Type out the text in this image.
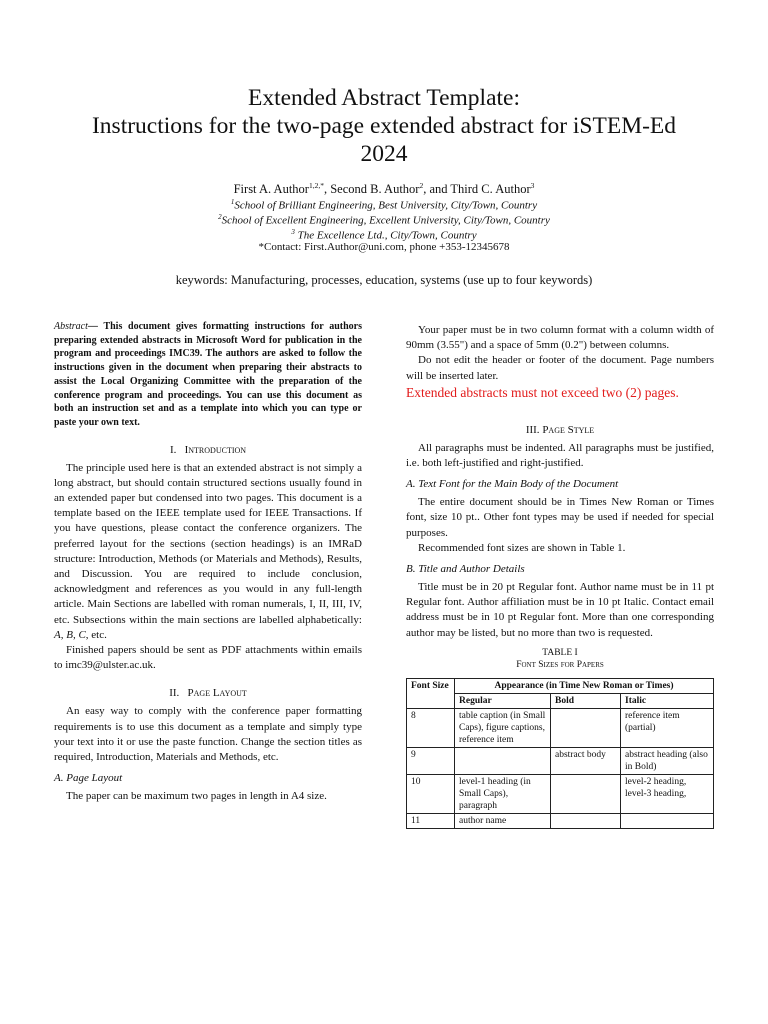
Extended Abstract Template:
Instructions for the two-page extended abstract for iSTEM-Ed
2024
First A. Author$^{1,2,*}$, Second B. Author$^2$, and Third C. Author$^3$
$^1$School of Brilliant Engineering, Best University, City/Town, Country
$^2$School of Excellent Engineering, Excellent University, City/Town, Country
$^3$ The Excellence Ltd., City/Town, Country
*Contact: First.Author@uni.com, phone +353-12345678
keywords: Manufacturing, processes, education, systems (use up to four keywords)

Abstract— This document gives formatting instructions for authors preparing extended abstracts in Microsoft Word for publication in the program and proceedings IMC39. The authors are asked to follow the instructions given in the document when preparing their abstracts to assist the Local Organizing Committee with the preparation of the conference program and proceedings. You can use this document as both an instruction set and as a template into which you can type or paste your own text.

I. Introduction

The principle used here is that an extended abstract is not simply a long abstract, but should contain structured sections usually found in an extended paper but condensed into two pages. This document is a template based on the IEEE template used for IEEE Transactions. If you have questions, please contact the conference organizers. The preferred layout for the sections (section headings) is an IMRaD structure: Introduction, Methods (or Materials and Methods), Results, and Discussion. You are required to include conclusion, acknowledgment and references as you would in any full-length article. Main Sections are labelled with roman numerals, I, II, III, IV, etc. Subsections within the main sections are labelled alphabetically: A, B, C, etc.

Finished papers should be sent as PDF attachments within emails to imc39@ulster.ac.uk.

II. Page Layout

An easy way to comply with the conference paper formatting requirements is to use this document as a template and simply type your text into it or use the paste function. Change the section titles as required, Introduction, Materials and Methods, etc.

A. Page Layout

The paper can be maximum two pages in length in A4 size.

Your paper must be in two column format with a column width of 90mm (3.55") and a space of 5mm (0.2") between columns.

Do not edit the header or footer of the document. Page numbers will be inserted later.

Extended abstracts must not exceed two (2) pages.

III. Page Style

All paragraphs must be indented. All paragraphs must be justified, i.e. both left-justified and right-justified.

A. Text Font for the Main Body of the Document

The entire document should be in Times New Roman or Times font, size 10 pt.. Other font types may be used if needed for special purposes.

Recommended font sizes are shown in Table 1.

B. Title and Author Details

Title must be in 20 pt Regular font. Author name must be in 11 pt Regular font. Author affiliation must be in 10 pt Italic. Contact email address must be in 10 pt Regular font. More than one corresponding author may be listed, but no more than two is requested.

TABLE I

Font Sizes for Papers

Font Size	Appearance (in Time New Roman or Times)		
	Regular	Bold	Italic
8	table caption (in Small Caps), figure captions, reference item		reference item (partial)
9		abstract body	abstract heading (also in Bold)
10	level-1 heading (in Small Caps), paragraph		level-2 heading, level-3 heading,
11	author name		
